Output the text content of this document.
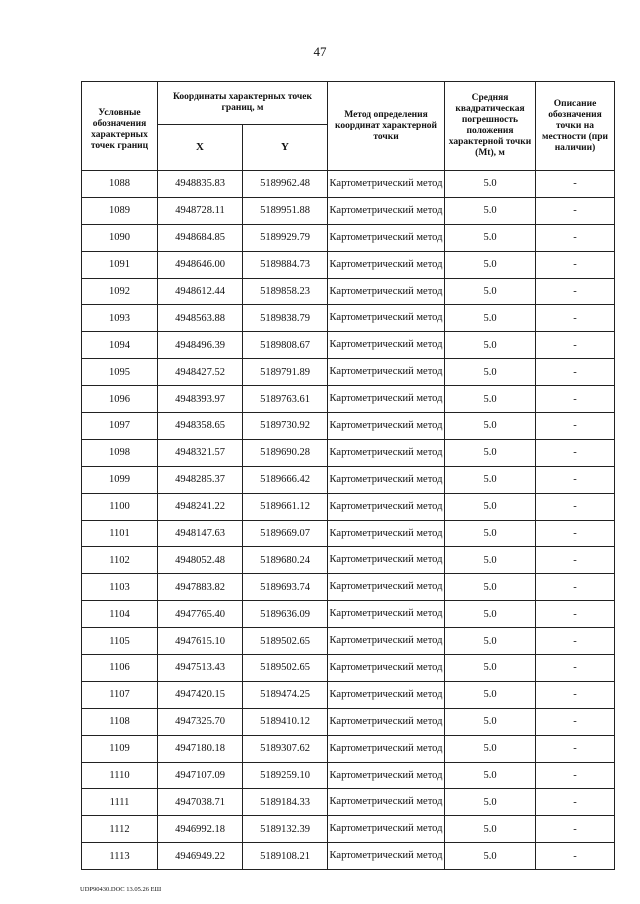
47
Условные обозначения характерных точек границ	Координаты характерных точек границ, м		Метод определения координат характерной точки	Средняя квадратическая погрешность положения характерной точки (Mt), м	Описание обозначения точки на местности (при наличии)
	X	Y			
1088	4948835.83	5189962.48	Картометрический метод	5.0	-
1089	4948728.11	5189951.88	Картометрический метод	5.0	-
1090	4948684.85	5189929.79	Картометрический метод	5.0	-
1091	4948646.00	5189884.73	Картометрический метод	5.0	-
1092	4948612.44	5189858.23	Картометрический метод	5.0	-
1093	4948563.88	5189838.79	Картометрический метод	5.0	-
1094	4948496.39	5189808.67	Картометрический метод	5.0	-
1095	4948427.52	5189791.89	Картометрический метод	5.0	-
1096	4948393.97	5189763.61	Картометрический метод	5.0	-
1097	4948358.65	5189730.92	Картометрический метод	5.0	-
1098	4948321.57	5189690.28	Картометрический метод	5.0	-
1099	4948285.37	5189666.42	Картометрический метод	5.0	-
1100	4948241.22	5189661.12	Картометрический метод	5.0	-
1101	4948147.63	5189669.07	Картометрический метод	5.0	-
1102	4948052.48	5189680.24	Картометрический метод	5.0	-
1103	4947883.82	5189693.74	Картометрический метод	5.0	-
1104	4947765.40	5189636.09	Картометрический метод	5.0	-
1105	4947615.10	5189502.65	Картометрический метод	5.0	-
1106	4947513.43	5189502.65	Картометрический метод	5.0	-
1107	4947420.15	5189474.25	Картометрический метод	5.0	-
1108	4947325.70	5189410.12	Картометрический метод	5.0	-
1109	4947180.18	5189307.62	Картометрический метод	5.0	-
1110	4947107.09	5189259.10	Картометрический метод	5.0	-
1111	4947038.71	5189184.33	Картометрический метод	5.0	-
1112	4946992.18	5189132.39	Картометрический метод	5.0	-
1113	4946949.22	5189108.21	Картометрический метод	5.0	-
UDP90430.DOC 13.05.26 ЕШ
